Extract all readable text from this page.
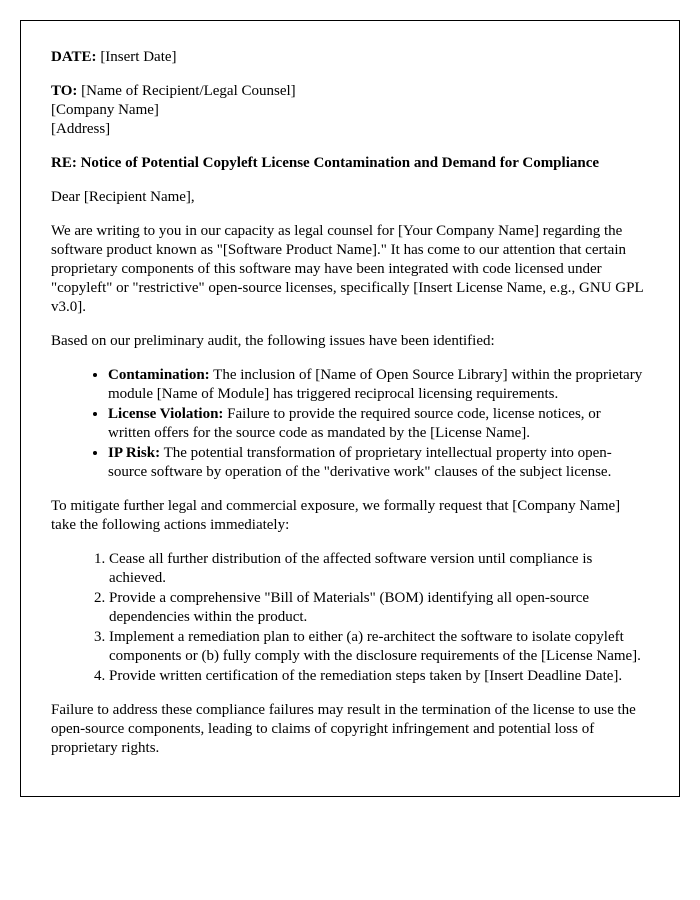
DATE: [Insert Date]

TO: [Name of Recipient/Legal Counsel]

[Company Name]

[Address]

RE: Notice of Potential Copyleft License Contamination and Demand for Compliance

Dear [Recipient Name],

We are writing to you in our capacity as legal counsel for [Your Company Name] regarding the software product known as "[Software Product Name]." It has come to our attention that certain proprietary components of this software may have been integrated with code licensed under "copyleft" or "restrictive" open-source licenses, specifically [Insert License Name, e.g., GNU GPL v3.0].

Based on our preliminary audit, the following issues have been identified:

• Contamination: The inclusion of [Name of Open Source Library] within the proprietary module [Name of Module] has triggered reciprocal licensing requirements.
• License Violation: Failure to provide the required source code, license notices, or written offers for the source code as mandated by the [License Name].
• IP Risk: The potential transformation of proprietary intellectual property into open-source software by operation of the "derivative work" clauses of the subject license.

To mitigate further legal and commercial exposure, we formally request that [Company Name] take the following actions immediately:

1. Cease all further distribution of the affected software version until compliance is achieved.
2. Provide a comprehensive "Bill of Materials" (BOM) identifying all open-source dependencies within the product.
3. Implement a remediation plan to either (a) re-architect the software to isolate copyleft components or (b) fully comply with the disclosure requirements of the [License Name].
4. Provide written certification of the remediation steps taken by [Insert Deadline Date].

Failure to address these compliance failures may result in the termination of the license to use the open-source components, leading to claims of copyright infringement and potential loss of proprietary rights.
